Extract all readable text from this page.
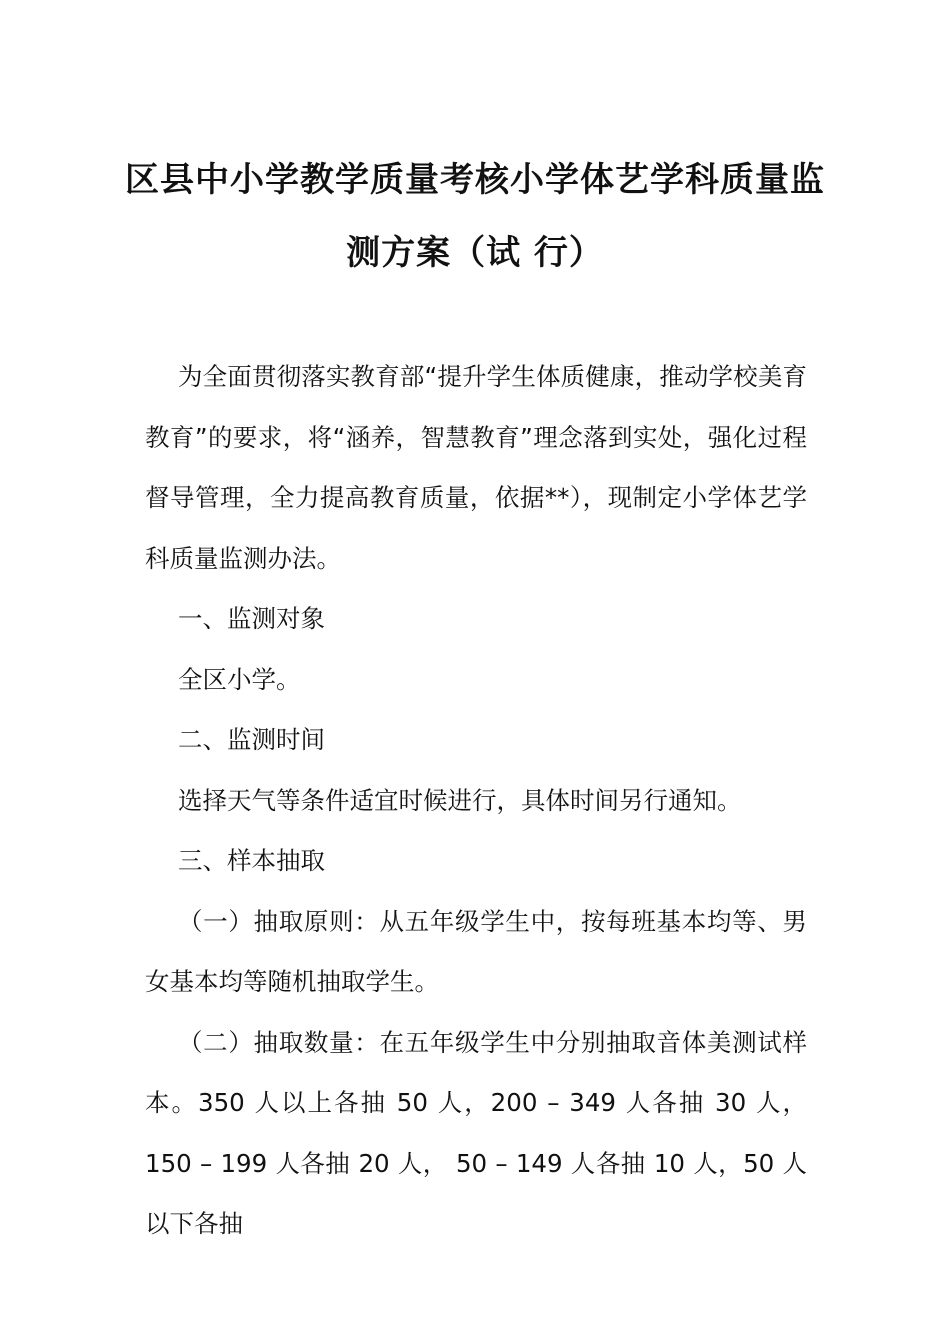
区县中小学教学质量考核小学体艺学科质量监
测方案（试 行）

为全面贯彻落实教育部“提升学生体质健康，推动学校美育教育”的要求，将“涵养，智慧教育”理念落到实处，强化过程督导管理，全力提高教育质量，依据**），现制定小学体艺学科质量监测办法。

一、监测对象

全区小学。

二、监测时间

选择天气等条件适宜时候进行，具体时间另行通知。

三、样本抽取

（一）抽取原则：从五年级学生中，按每班基本均等、男女基本均等随机抽取学生。

（二）抽取数量：在五年级学生中分别抽取音体美测试样本。350 人以上各抽 50 人，200 – 349 人各抽 30 人，150 – 199 人各抽 20 人， 50 – 149 人各抽 10 人，50 人以下各抽
